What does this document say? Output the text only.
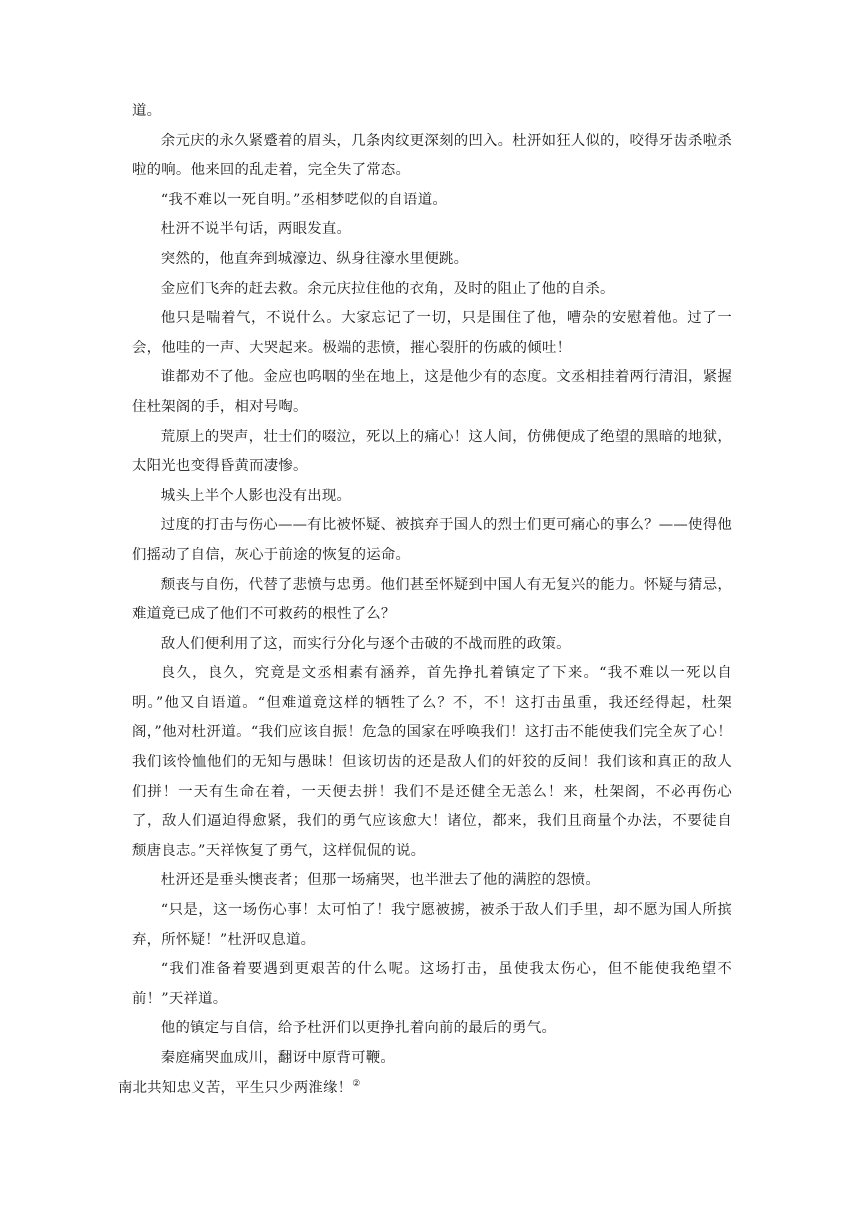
道。

余元庆的永久紧蹙着的眉头，几条肉纹更深刻的凹入。杜汧如狂人似的，咬得牙齿杀啦杀啦的响。他来回的乱走着，完全失了常态。

“我不难以一死自明。”丞相梦呓似的自语道。

杜汧不说半句话，两眼发直。

突然的，他直奔到城濠边、纵身往濠水里便跳。

金应们飞奔的赶去救。余元庆拉住他的衣角，及时的阻止了他的自杀。

他只是喘着气，不说什么。大家忘记了一切，只是围住了他，嘈杂的安慰着他。过了一会，他哇的一声、大哭起来。极端的悲愤，摧心裂肝的伤戚的倾吐！

谁都劝不了他。金应也呜咽的坐在地上，这是他少有的态度。文丞相挂着两行清泪，紧握住杜架阁的手，相对号啕。

荒原上的哭声，壮士们的啜泣，死以上的痛心！这人间，仿佛便成了绝望的黑暗的地狱，太阳光也变得昏黄而凄惨。

城头上半个人影也没有出现。

过度的打击与伤心——有比被怀疑、被摈弃于国人的烈士们更可痛心的事么？——使得他们摇动了自信，灰心于前途的恢复的运命。

颓丧与自伤，代替了悲愤与忠勇。他们甚至怀疑到中国人有无复兴的能力。怀疑与猜忌，难道竟已成了他们不可救药的根性了么？

敌人们便利用了这，而实行分化与逐个击破的不战而胜的政策。

良久，良久，究竟是文丞相素有涵养，首先挣扎着镇定了下来。“我不难以一死以自明。”他又自语道。“但难道竟这样的牺牲了么？不，不！这打击虽重，我还经得起，杜架阁，”他对杜汧道。“我们应该自振！危急的国家在呼唤我们！这打击不能使我们完全灰了心！我们该怜恤他们的无知与愚昧！但该切齿的还是敌人们的奸狡的反间！我们该和真正的敌人们拼！一天有生命在着，一天便去拼！我们不是还健全无恙么！来，杜架阁，不必再伤心了，敌人们逼迫得愈紧，我们的勇气应该愈大！诸位，都来，我们且商量个办法，不要徒自颓唐良志。”天祥恢复了勇气，这样侃侃的说。

杜汧还是垂头懊丧者；但那一场痛哭，也半泄去了他的满腔的怨愤。

“只是，这一场伤心事！太可怕了！我宁愿被掳，被杀于敌人们手里，却不愿为国人所摈弃，所怀疑！”杜汧叹息道。

“我们准备着要遇到更艰苦的什么呢。这场打击，虽使我太伤心，但不能使我绝望不前！”天祥道。

他的镇定与自信，给予杜汧们以更挣扎着向前的最后的勇气。

秦庭痛哭血成川，翻讶中原背可鞭。

南北共知忠义苦，平生只少两淮缘！②
